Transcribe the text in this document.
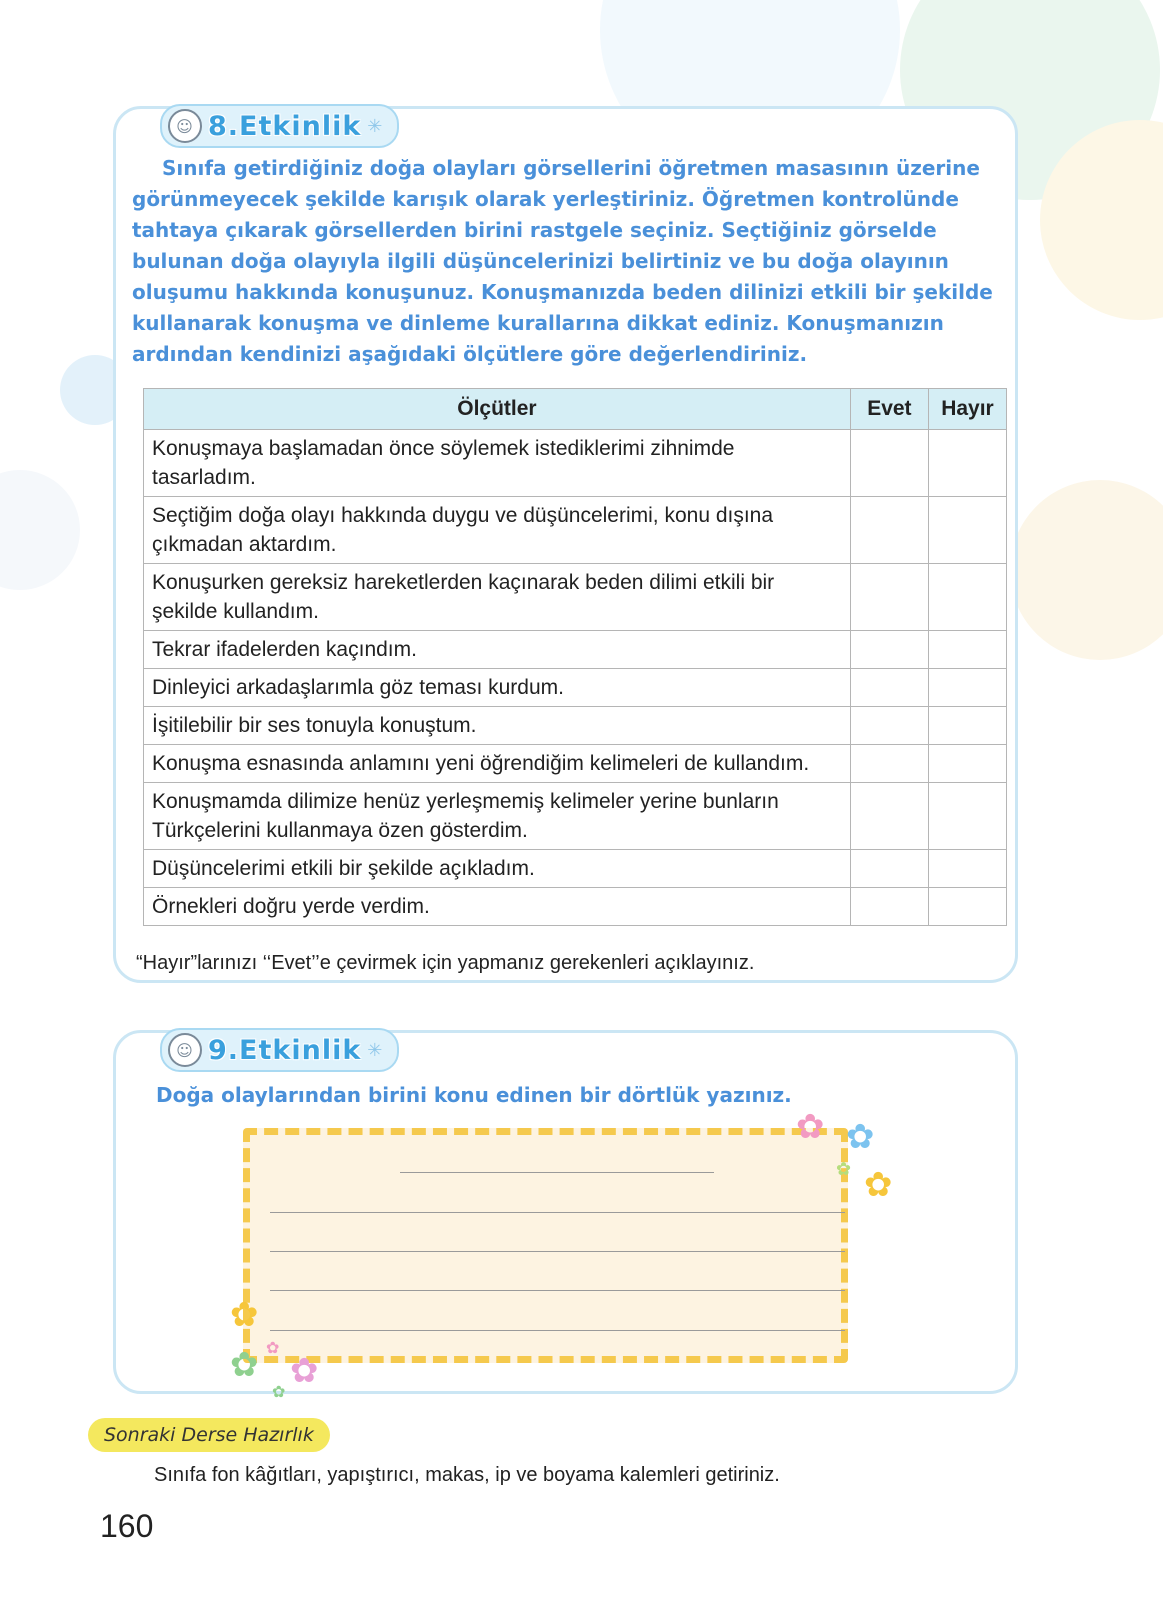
☺ 8.Etkinlik ✳

Sınıfa getirdiğiniz doğa olayları görsellerini öğretmen masasının üzerine görünmeyecek şekilde karışık olarak yerleştiriniz. Öğretmen kontrolünde tahtaya çıkarak görsellerden birini rastgele seçiniz. Seçtiğiniz görselde bulunan doğa olayıyla ilgili düşüncelerinizi belirtiniz ve bu doğa olayının oluşumu hakkında konuşunuz. Konuşmanızda beden dilinizi etkili bir şekilde kullanarak konuşma ve dinleme kurallarına dikkat ediniz. Konuşmanızın ardından kendinizi aşağıdaki ölçütlere göre değerlendiriniz.

Ölçütler	Evet	Hayır
Konuşmaya başlamadan önce söylemek istediklerimi zihnimde tasarladım.		
Seçtiğim doğa olayı hakkında duygu ve düşüncelerimi, konu dışına çıkmadan aktardım.		
Konuşurken gereksiz hareketlerden kaçınarak beden dilimi etkili bir şekilde kullandım.		
Tekrar ifadelerden kaçındım.		
Dinleyici arkadaşlarımla göz teması kurdum.		
İşitilebilir bir ses tonuyla konuştum.		
Konuşma esnasında anlamını yeni öğrendiğim kelimeleri de kullandım.		
Konuşmamda dilimize henüz yerleşmemiş kelimeler yerine bunların Türkçelerini kullanmaya özen gösterdim.		
Düşüncelerimi etkili bir şekilde açıkladım.		
Örnekleri doğru yerde verdim.		

“Hayır”larınızı ‘‘Evet’’e çevirmek için yapmanız gerekenleri açıklayınız.

☺ 9.Etkinlik ✳

Doğa olaylarından birini konu edinen bir dörtlük yazınız.

✿ ✿
✿ ✿
✿
✿
✿ ✿
✿
Sonraki Derse Hazırlık

Sınıfa fon kâğıtları, yapıştırıcı, makas, ip ve boyama kalemleri getiriniz.

160
